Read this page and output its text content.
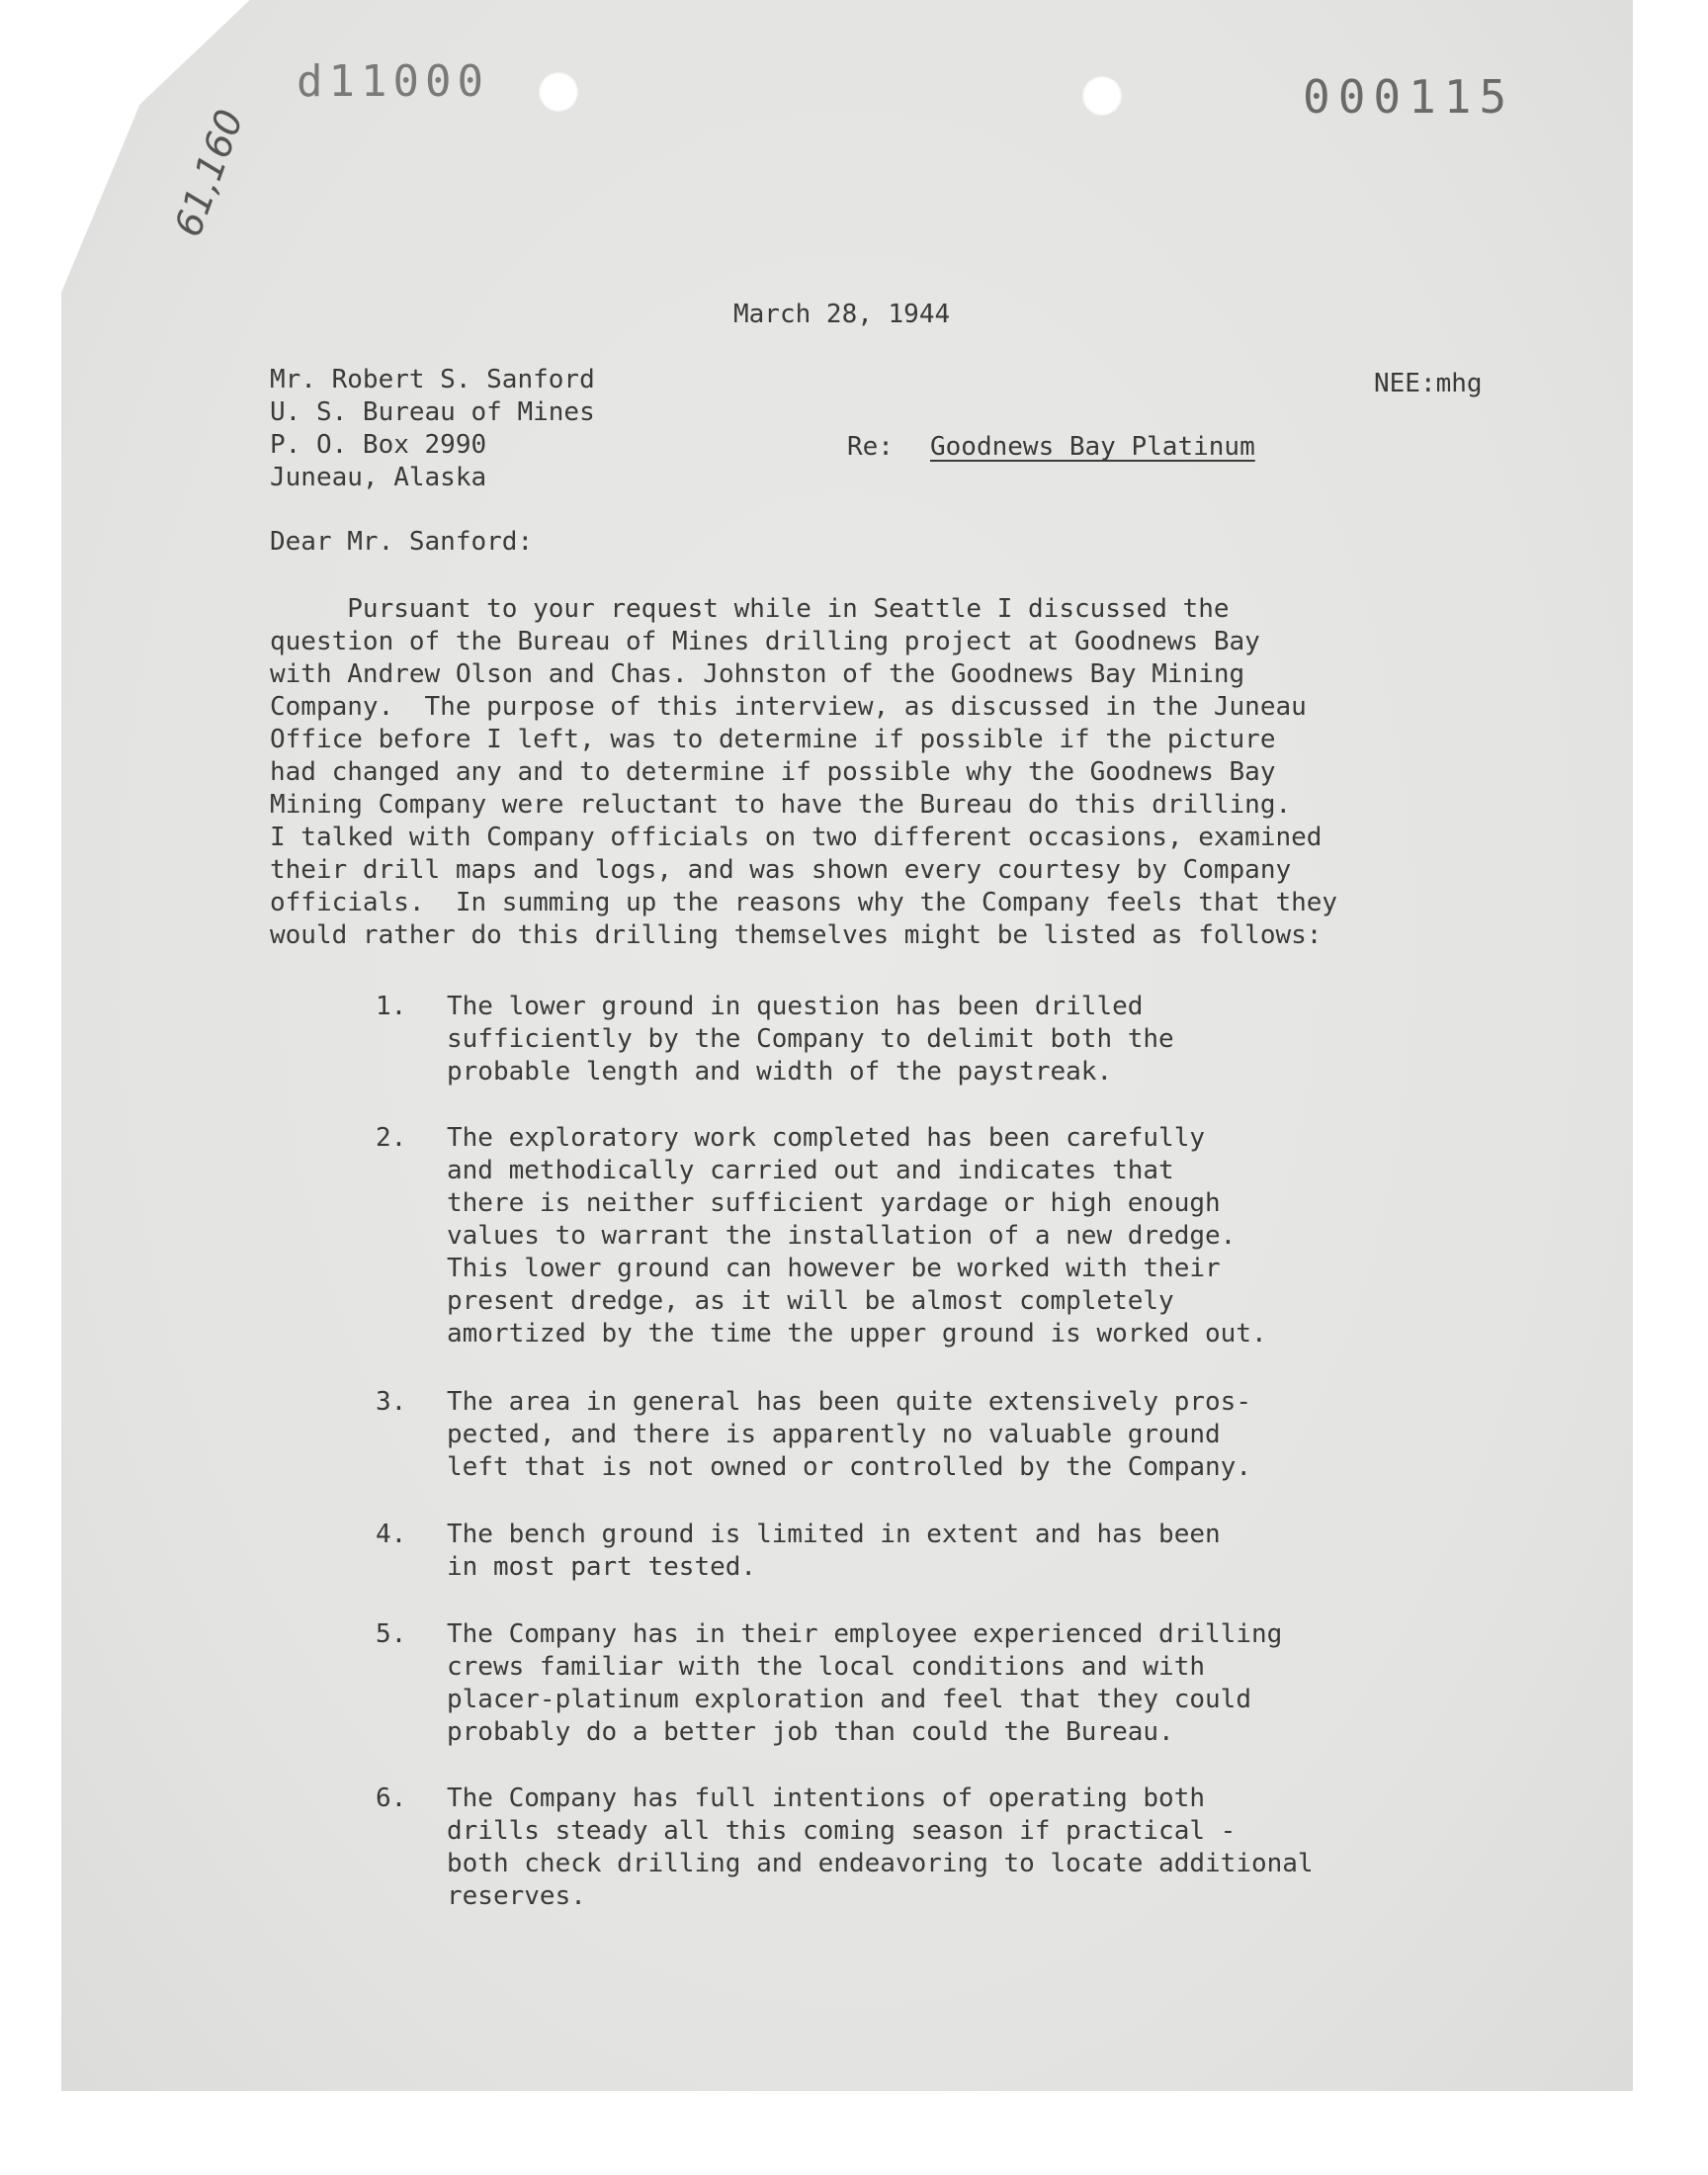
61,160
d11000	000115
March 28, 1944
Mr. Robert S. Sanford
U. S. Bureau of Mines
P. O. Box 2990
Juneau, Alaska
NEE:mhg
Re: Goodnews Bay Platinum
Dear Mr. Sanford:
Pursuant to your request while in Seattle I discussed the
question of the Bureau of Mines drilling project at Goodnews Bay
with Andrew Olson and Chas. Johnston of the Goodnews Bay Mining
Company.  The purpose of this interview, as discussed in the Juneau
Office before I left, was to determine if possible if the picture
had changed any and to determine if possible why the Goodnews Bay
Mining Company were reluctant to have the Bureau do this drilling.
I talked with Company officials on two different occasions, examined
their drill maps and logs, and was shown every courtesy by Company
officials.  In summing up the reasons why the Company feels that they
would rather do this drilling themselves might be listed as follows:
1. The lower ground in question has been drilled
sufficiently by the Company to delimit both the
probable length and width of the paystreak.
2. The exploratory work completed has been carefully
and methodically carried out and indicates that
there is neither sufficient yardage or high enough
values to warrant the installation of a new dredge.
This lower ground can however be worked with their
present dredge, as it will be almost completely
amortized by the time the upper ground is worked out.
3. The area in general has been quite extensively pros-
pected, and there is apparently no valuable ground
left that is not owned or controlled by the Company.
4. The bench ground is limited in extent and has been
in most part tested.
5. The Company has in their employee experienced drilling
crews familiar with the local conditions and with
placer-platinum exploration and feel that they could
probably do a better job than could the Bureau.
6. The Company has full intentions of operating both
drills steady all this coming season if practical -
both check drilling and endeavoring to locate additional
reserves.
